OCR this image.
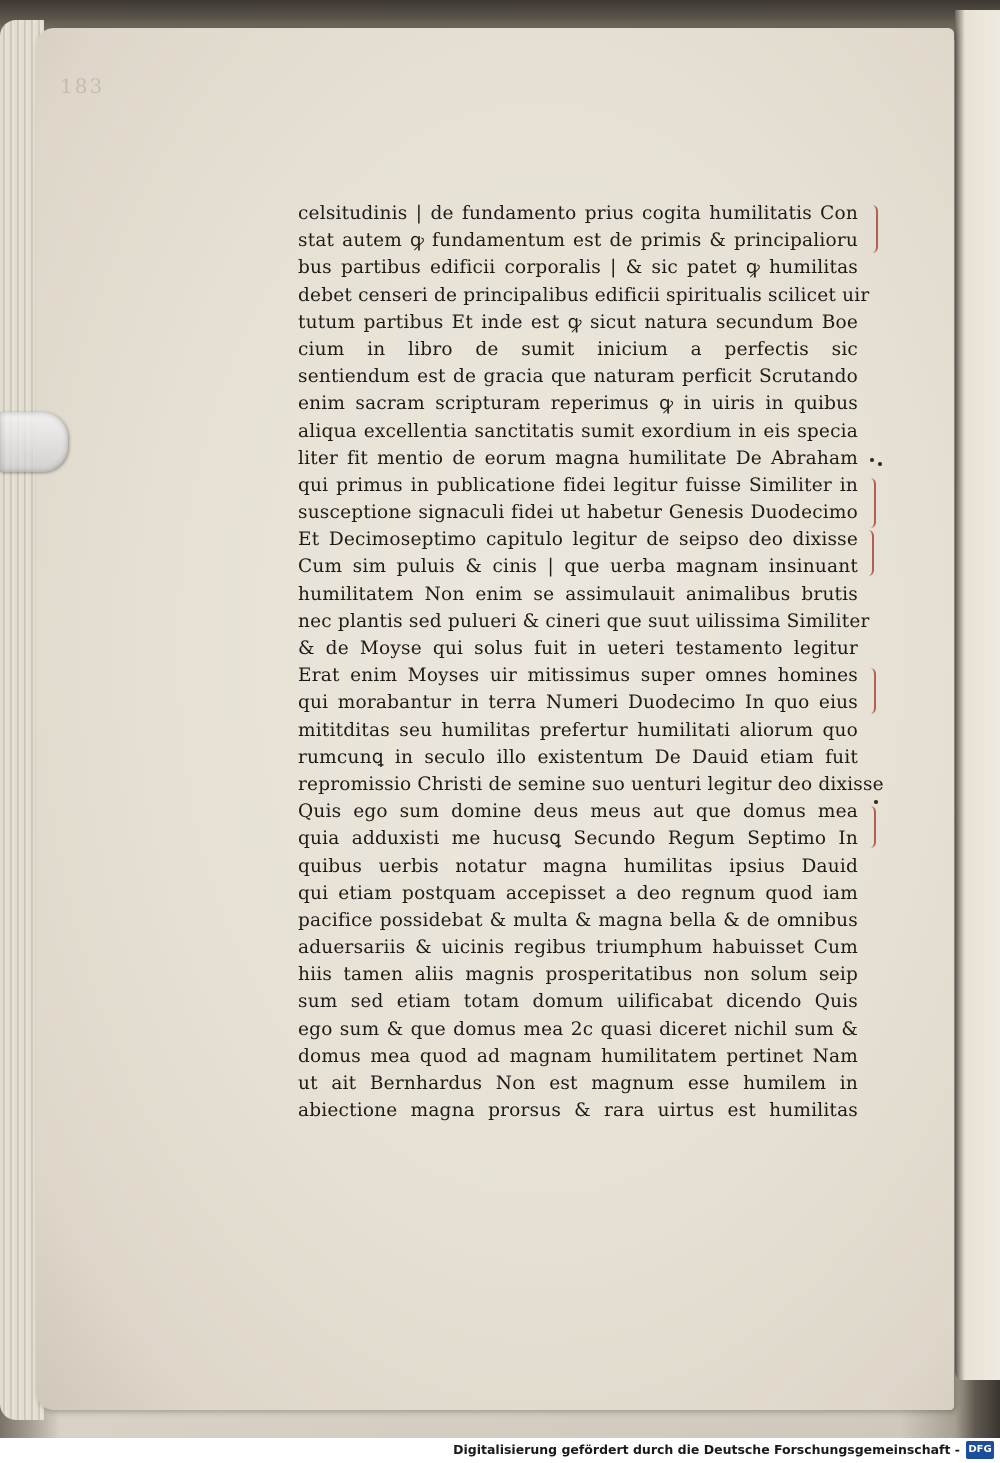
183
celsitudinis | de fundamento prius cogita humilitatis Con
stat autem ꝙ fundamentum est de primis & principalioru
bus partibus edificii corporalis | & sic patet ꝙ humilitas
debet censeri de principalibus edificii spiritualis scilicet uir
tutum partibus Et inde est ꝙ sicut natura secundum Boe
cium in libro de sumit inicium a perfectis sic
sentiendum est de gracia que naturam perficit Scrutando
enim sacram scripturam reperimus ꝙ in uiris in quibus
aliqua excellentia sanctitatis sumit exordium in eis specia
liter fit mentio de eorum magna humilitate De Abraham
qui primus in publicatione fidei legitur fuisse Similiter in
susceptione signaculi fidei ut habetur Genesis Duodecimo
Et Decimoseptimo capitulo legitur de seipso deo dixisse
Cum sim puluis & cinis | que uerba magnam insinuant
humilitatem Non enim se assimulauit animalibus brutis
nec plantis sed pulueri & cineri que suut uilissima Similiter
& de Moyse qui solus fuit in ueteri testamento legitur
Erat enim Moyses uir mitissimus super omnes homines
qui morabantur in terra Numeri Duodecimo In quo eius
mititditas seu humilitas prefertur humilitati aliorum quo
rumcunꝗ in seculo illo existentum De Dauid etiam fuit
repromissio Christi de semine suo uenturi legitur deo dixisse
Quis ego sum domine deus meus aut que domus mea
quia adduxisti me hucusꝗ Secundo Regum Septimo In
quibus uerbis notatur magna humilitas ipsius Dauid
qui etiam postquam accepisset a deo regnum quod iam
pacifice possidebat & multa & magna bella & de omnibus
aduersariis & uicinis regibus triumphum habuisset Cum
hiis tamen aliis magnis prosperitatibus non solum seip
sum sed etiam totam domum uilificabat dicendo Quis
ego sum & que domus mea 2c quasi diceret nichil sum &
domus mea quod ad magnam humilitatem pertinet Nam
ut ait Bernhardus Non est magnum esse humilem in
abiectione magna prorsus & rara uirtus est humilitas
Digitalisierung gefördert durch die Deutsche Forschungsgemeinschaft - DFG
